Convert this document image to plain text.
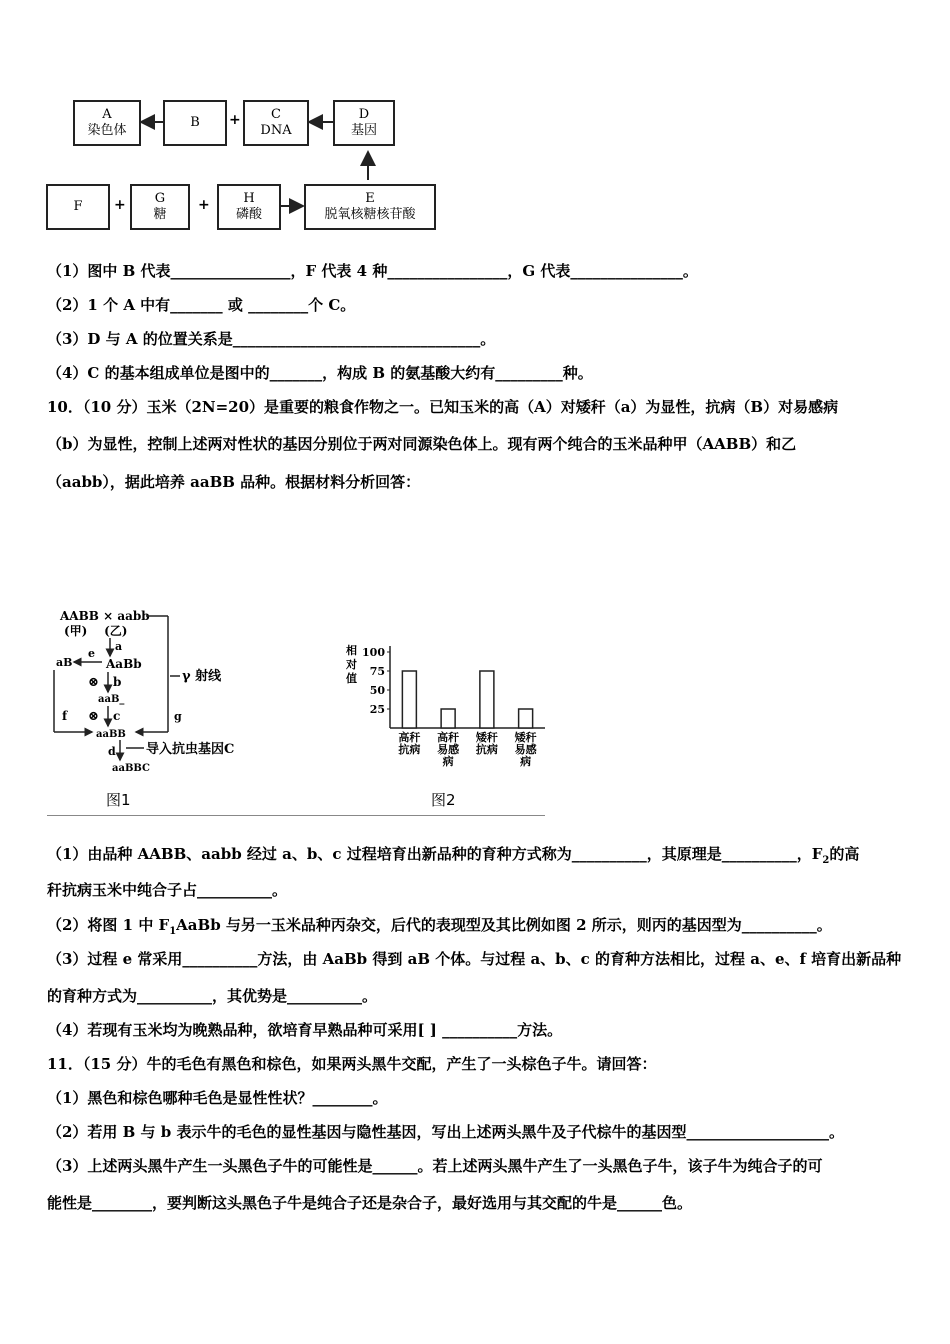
A
染色体
B + C
DNA
D
基因
F + G
糖
+	H
磷酸
E
脱氧核糖核苷酸
（1）图中 B 代表________________，F 代表 4 种________________，G 代表_______________。
（2）1 个 A 中有_______ 或 ________个 C。
（3）D 与 A 的位置关系是_________________________________。
（4）C 的基本组成单位是图中的_______，构成 B 的氨基酸大约有_________种。
10．（10 分）玉米（2N=20）是重要的粮食作物之一。已知玉米的高（A）对矮秆（a）为显性，抗病（B）对易感病
（b）为显性，控制上述两对性状的基因分别位于两对同源染色体上。现有两个纯合的玉米品种甲（AABB）和乙
（aabb），据此培养 aaBB 品种。根据材料分析回答：
AABB × aabb
(甲)    (乙)
a
AaBb
e
aB
⊗ b
aaB_
⊗ c
aaBB
d 导入抗虫基因C
aaBBC
f
γ 射线
g
图1
相
对
值
25
50
75
100
高秆
抗病
高秆
易感
病
矮秆
抗病
矮秆
易感
病
图2
（1）由品种 AABB、aabb 经过 a、b、c 过程培育出新品种的育种方式称为__________，其原理是__________，$F_2$的高
秆抗病玉米中纯合子占__________。
（2）将图 1 中 $F_1AaBb$ 与另一玉米品种丙杂交，后代的表现型及其比例如图 2 所示，则丙的基因型为__________。
（3）过程 e 常采用__________方法，由 AaBb 得到 aB 个体。与过程 a、b、c 的育种方法相比，过程 a、e、f 培育出新品种
的育种方式为__________，其优势是__________。
（4）若现有玉米均为晚熟品种，欲培育早熟品种可采用[ ] __________方法。
11．（15 分）牛的毛色有黑色和棕色，如果两头黑牛交配，产生了一头棕色子牛。请回答：
（1）黑色和棕色哪种毛色是显性性状？________。
（2）若用 B 与 b 表示牛的毛色的显性基因与隐性基因，写出上述两头黑牛及子代棕牛的基因型___________________。
（3）上述两头黑牛产生一头黑色子牛的可能性是______。若上述两头黑牛产生了一头黑色子牛，该子牛为纯合子的可
能性是________，要判断这头黑色子牛是纯合子还是杂合子，最好选用与其交配的牛是______色。
